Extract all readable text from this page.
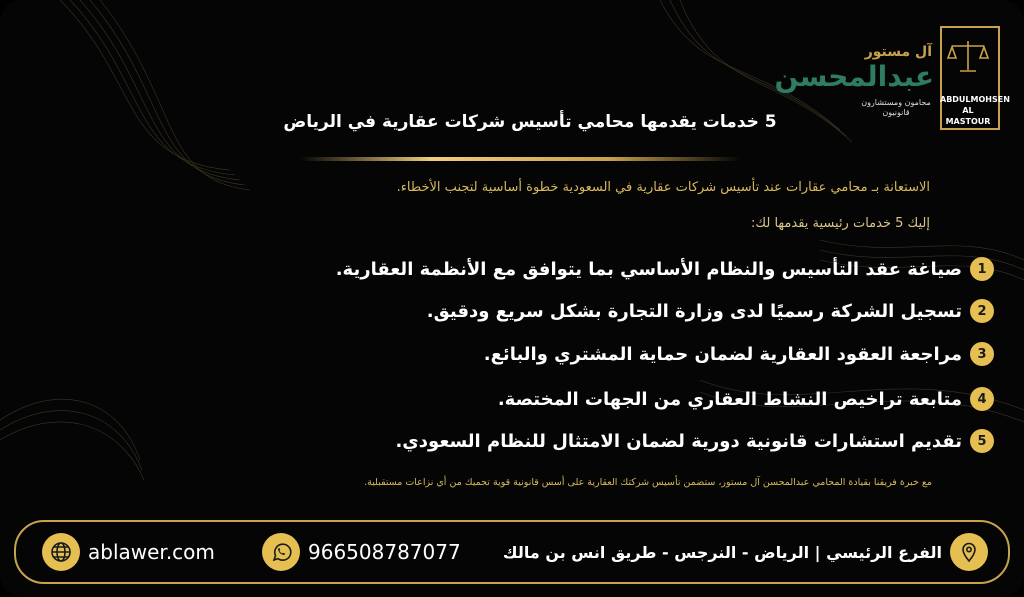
ABDULMOHSEN
AL MASTOUR
آل مستور
عبدالمحسن
محامون ومستشارون قانونيون
5 خدمات يقدمها محامي تأسيس شركات عقارية في الرياض
الاستعانة بـ محامي عقارات عند تأسيس شركات عقارية في السعودية خطوة أساسية لتجنب الأخطاء.
إليك 5 خدمات رئيسية يقدمها لك:
1
صياغة عقد التأسيس والنظام الأساسي بما يتوافق مع الأنظمة العقارية.
2
تسجيل الشركة رسميًا لدى وزارة التجارة بشكل سريع ودقيق.
3
مراجعة العقود العقارية لضمان حماية المشتري والبائع.
4
متابعة تراخيص النشاط العقاري من الجهات المختصة.
5
تقديم استشارات قانونية دورية لضمان الامتثال للنظام السعودي.
مع خبرة فريقنا بقيادة المحامي عبدالمحسن آل مستور، ستضمن تأسيس شركتك العقارية على أسس قانونية قوية تحميك من أي نزاعات مستقبلية.
ablawer.com	966508787077	الفرع الرئيسي | الرياض - النرجس - طريق انس بن مالك
